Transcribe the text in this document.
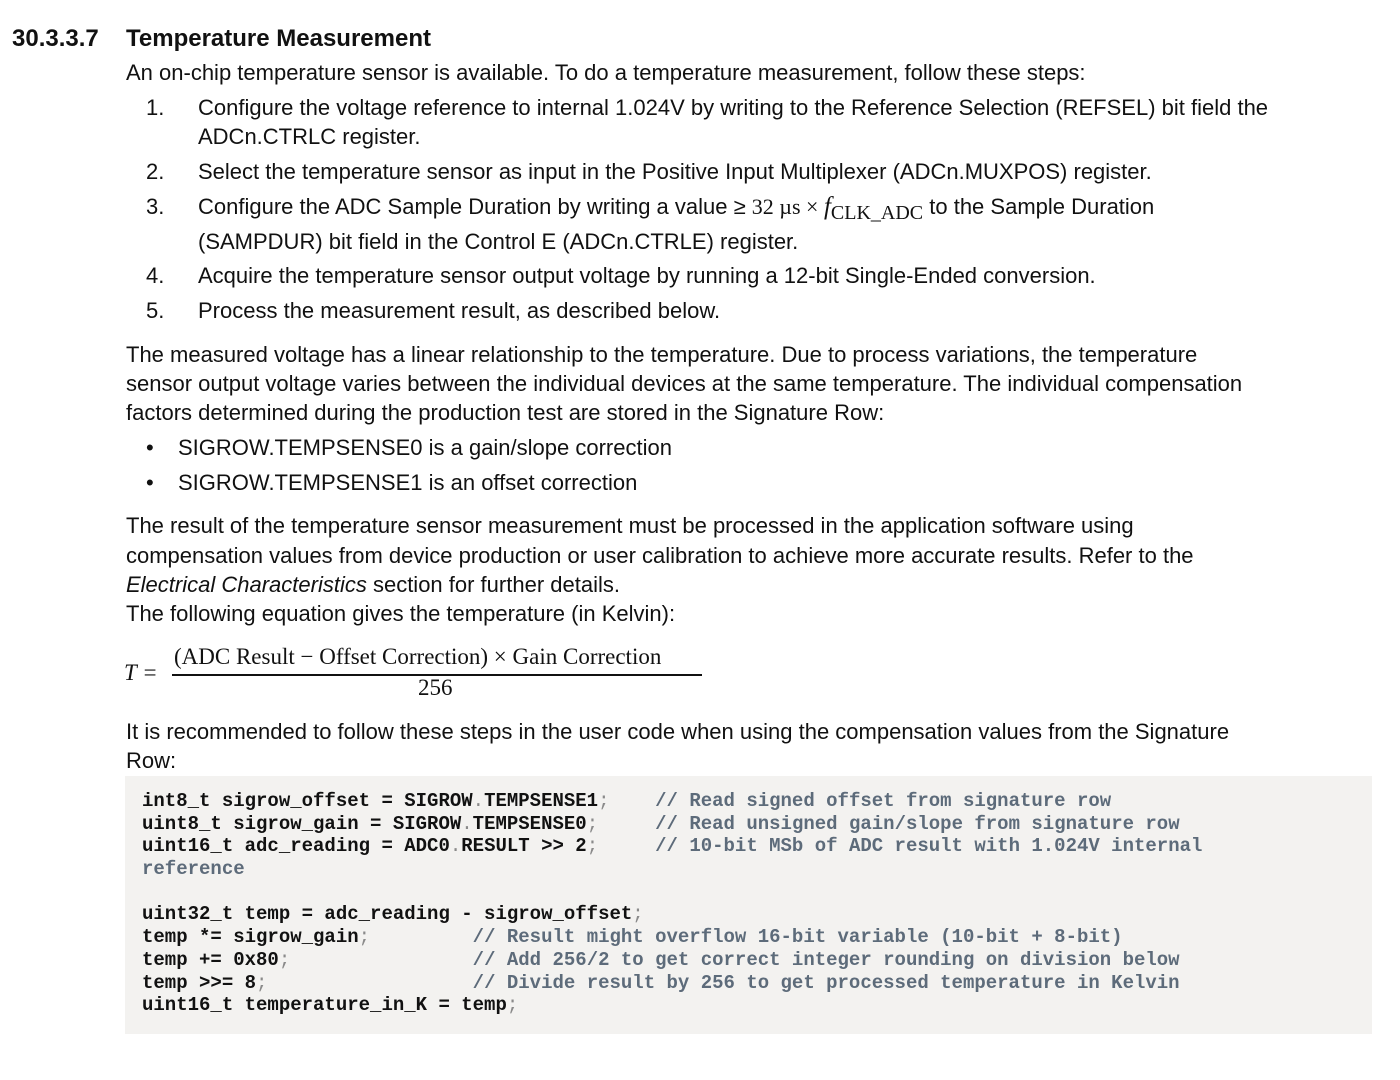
30.3.3.7 Temperature Measurement
An on-chip temperature sensor is available. To do a temperature measurement, follow these steps:
1.	Configure the voltage reference to internal 1.024V by writing to the Reference Selection (REFSEL) bit field the
ADCn.CTRLC register.
2.	Select the temperature sensor as input in the Positive Input Multiplexer (ADCn.MUXPOS) register.
3.	Configure the ADC Sample Duration by writing a value ≥ 32 $\mu s \times f_{CLK\_ADC}$ to the Sample Duration
(SAMPDUR) bit field in the Control E (ADCn.CTRLE) register.
4.	Acquire the temperature sensor output voltage by running a 12-bit Single-Ended conversion.
5.	Process the measurement result, as described below.
The measured voltage has a linear relationship to the temperature. Due to process variations, the temperature
sensor output voltage varies between the individual devices at the same temperature. The individual compensation
factors determined during the production test are stored in the Signature Row:
• SIGROW.TEMPSENSE0 is a gain/slope correction
• SIGROW.TEMPSENSE1 is an offset correction
The result of the temperature sensor measurement must be processed in the application software using
compensation values from device production or user calibration to achieve more accurate results. Refer to the
Electrical Characteristics section for further details.
The following equation gives the temperature (in Kelvin):
T =
(ADC Result − Offset Correction) × Gain Correction
256
It is recommended to follow these steps in the user code when using the compensation values from the Signature
Row:
int8_t sigrow_offset = SIGROW.TEMPSENSE1; // Read signed offset from signature row
uint8_t sigrow_gain = SIGROW.TEMPSENSE0;	// Read unsigned gain/slope from signature row
uint16_t adc_reading = ADC0.RESULT >> 2;	// 10-bit MSb of ADC result with 1.024V internal
reference
uint32_t temp = adc_reading - sigrow_offset;
temp *= sigrow_gain;	// Result might overflow 16-bit variable (10-bit + 8-bit)
temp += 0x80;	// Add 256/2 to get correct integer rounding on division below
temp >>= 8;	// Divide result by 256 to get processed temperature in Kelvin
uint16_t temperature_in_K = temp;
